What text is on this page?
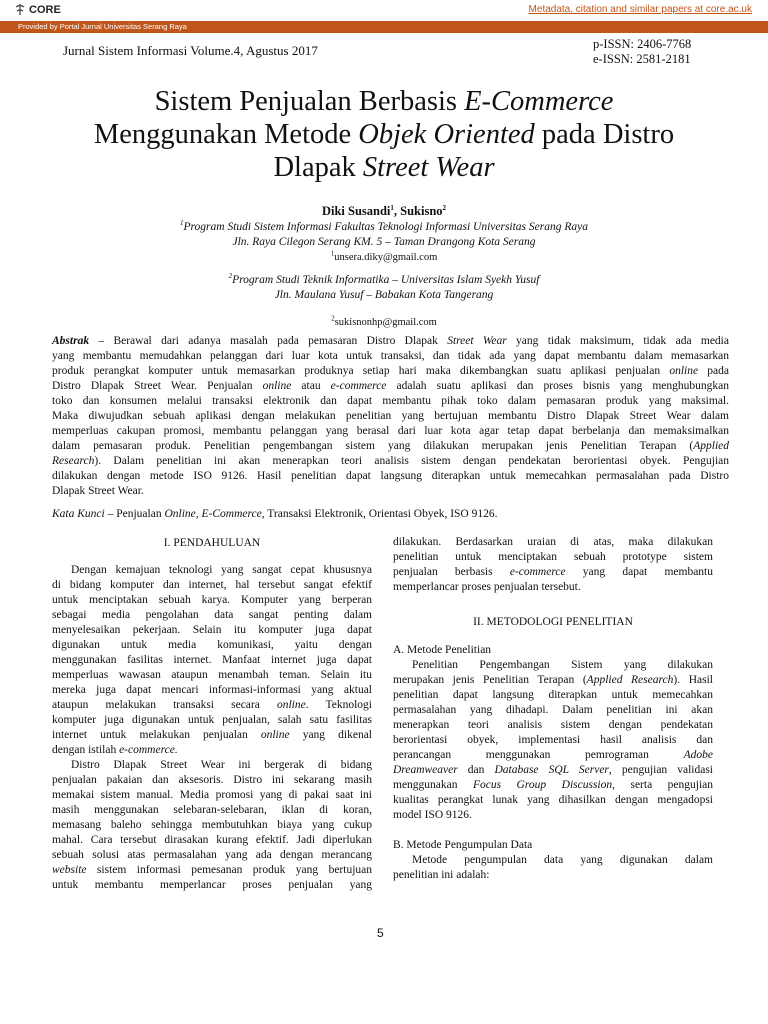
CORE	Metadata, citation and similar papers at core.ac.uk
Provided by Portal Jurnal Universitas Serang Raya
Jurnal Sistem Informasi Volume.4, Agustus 2017	p-ISSN: 2406-7768
e-ISSN: 2581-2181
Sistem Penjualan Berbasis E-Commerce
Menggunakan Metode Objek Oriented pada Distro
Dlapak Street Wear
Diki Susandi$^1$, Sukisno$^2$
$^1$Program Studi Sistem Informasi Fakultas Teknologi Informasi Universitas Serang Raya
Jln. Raya Cilegon Serang KM. 5 – Taman Drangong Kota Serang
$^1$unsera.diky@gmail.com
$^2$Program Studi Teknik Informatika – Universitas Islam Syekh Yusuf
Jln. Maulana Yusuf – Babakan Kota Tangerang
$^2$sukisnonhp@gmail.com
Abstrak – Berawal dari adanya masalah pada pemasaran Distro Dlapak Street Wear yang tidak maksimum, tidak ada media
yang membantu memudahkan pelanggan dari luar kota untuk transaksi, dan tidak ada yang dapat membantu dalam memasarkan
produk perangkat komputer untuk memasarkan produknya setiap hari maka dikembangkan suatu aplikasi penjualan online pada
Distro Dlapak Street Wear. Penjualan online atau e-commerce adalah suatu aplikasi dan proses bisnis yang menghubungkan
toko dan konsumen melalui transaksi elektronik dan dapat membantu pihak toko dalam pemasaran produk yang maksimal.
Maka diwujudkan sebuah aplikasi dengan melakukan penelitian yang bertujuan membantu Distro Dlapak Street Wear dalam
memperluas cakupan promosi, membantu pelanggan yang berasal dari luar kota agar tetap dapat berbelanja dan memaksimalkan
dalam pemasaran produk. Penelitian pengembangan sistem yang dilakukan merupakan jenis Penelitian Terapan (Applied
Research). Dalam penelitian ini akan menerapkan teori analisis sistem dengan pendekatan berorientasi obyek. Pengujian
dilakukan dengan metode ISO 9126. Hasil penelitian dapat langsung diterapkan untuk memecahkan permasalahan pada Distro
Dlapak Street Wear.
Kata Kunci – Penjualan Online, E-Commerce, Transaksi Elektronik, Orientasi Obyek, ISO 9126.
I. PENDAHULUAN
Dengan kemajuan teknologi yang sangat cepat khususnya
di bidang komputer dan internet, hal tersebut sangat efektif
untuk menciptakan sebuah karya. Komputer yang berperan
sebagai media pengolahan data sangat penting dalam
menyelesaikan pekerjaan. Selain itu komputer juga dapat
digunakan untuk media komunikasi, yaitu dengan
menggunakan fasilitas internet. Manfaat internet juga dapat
memperluas wawasan ataupun menambah teman. Selain itu
mereka juga dapat mencari informasi-informasi yang aktual
ataupun melakukan transaksi secara online. Teknologi
komputer juga digunakan untuk penjualan, salah satu fasilitas
internet untuk melakukan penjualan online yang dikenal
dengan istilah e-commerce.
Distro Dlapak Street Wear ini bergerak di bidang
penjualan pakaian dan aksesoris. Distro ini sekarang masih
memakai sistem manual. Media promosi yang di pakai saat ini
masih menggunakan selebaran-selebaran, iklan di koran,
memasang baleho sehingga membutuhkan biaya yang cukup
mahal. Cara tersebut dirasakan kurang efektif. Jadi diperlukan
sebuah solusi atas permasalahan yang ada dengan merancang
website sistem informasi pemesanan produk yang bertujuan
untuk membantu memperlancar proses penjualan yang
dilakukan. Berdasarkan uraian di atas, maka dilakukan
penelitian untuk menciptakan sebuah prototype sistem
penjualan berbasis e-commerce yang dapat membantu
memperlancar proses penjualan tersebut.
II. METODOLOGI PENELITIAN
A. Metode Penelitian
Penelitian Pengembangan Sistem yang dilakukan
merupakan jenis Penelitian Terapan (Applied Research). Hasil
penelitian dapat langsung diterapkan untuk memecahkan
permasalahan yang dihadapi. Dalam penelitian ini akan
menerapkan teori analisis sistem dengan pendekatan
berorientasi obyek, implementasi hasil analisis dan
perancangan menggunakan pemrograman Adobe
Dreamweaver dan Database SQL Server, pengujian validasi
menggunakan Focus Group Discussion, serta pengujian
kualitas perangkat lunak yang dihasilkan dengan mengadopsi
model ISO 9126.
B. Metode Pengumpulan Data
Metode pengumpulan data yang digunakan dalam
penelitian ini adalah:
5
